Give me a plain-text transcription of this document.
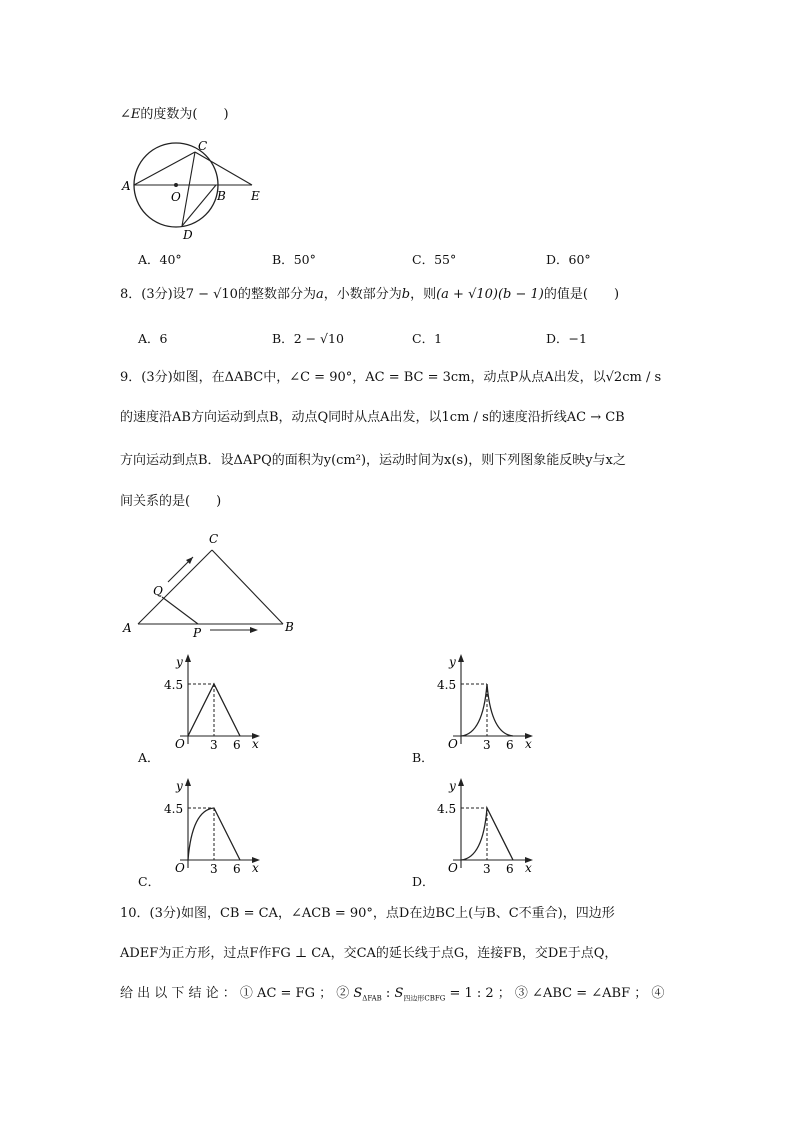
∠E的度数为(　　)
A
C
O	B E
D
A．40°	B．50°	C．55°	D．60°
8．(3分)设7 − √10的整数部分为a，小数部分为b，则(a + √10)(b − 1)的值是(　　)
A．6	B．2 − √10	C．1	D．−1
9．(3分)如图，在ΔABC中，∠C = 90°，AC = BC = 3cm，动点P从点A出发，以√2cm / s
的速度沿AB方向运动到点B，动点Q同时从点A出发，以1cm / s的速度沿折线AC → CB
方向运动到点B．设ΔAPQ的面积为y(cm²)，运动时间为x(s)，则下列图象能反映y与x之
间关系的是(　　)
C
Q
A	P	B
A．
y
4.5
O 3 6 x
B．
y
4.5
O 3 6 x
C．
y
4.5
O 3 6 x
D．
y
4.5
O 3 6 x
10．(3分)如图，CB = CA，∠ACB = 90°，点D在边BC上(与B、C不重合)，四边形
ADEF为正方形，过点F作FG ⊥ CA，交CA的延长线于点G，连接FB，交DE于点Q，
给 出 以 下 结 论 ： ① AC = FG ； ② $S_{\Delta FAB}$ : $S_{四边形CBFG} = 1$ : 2 ； ③ ∠ABC = ∠ABF ； ④
